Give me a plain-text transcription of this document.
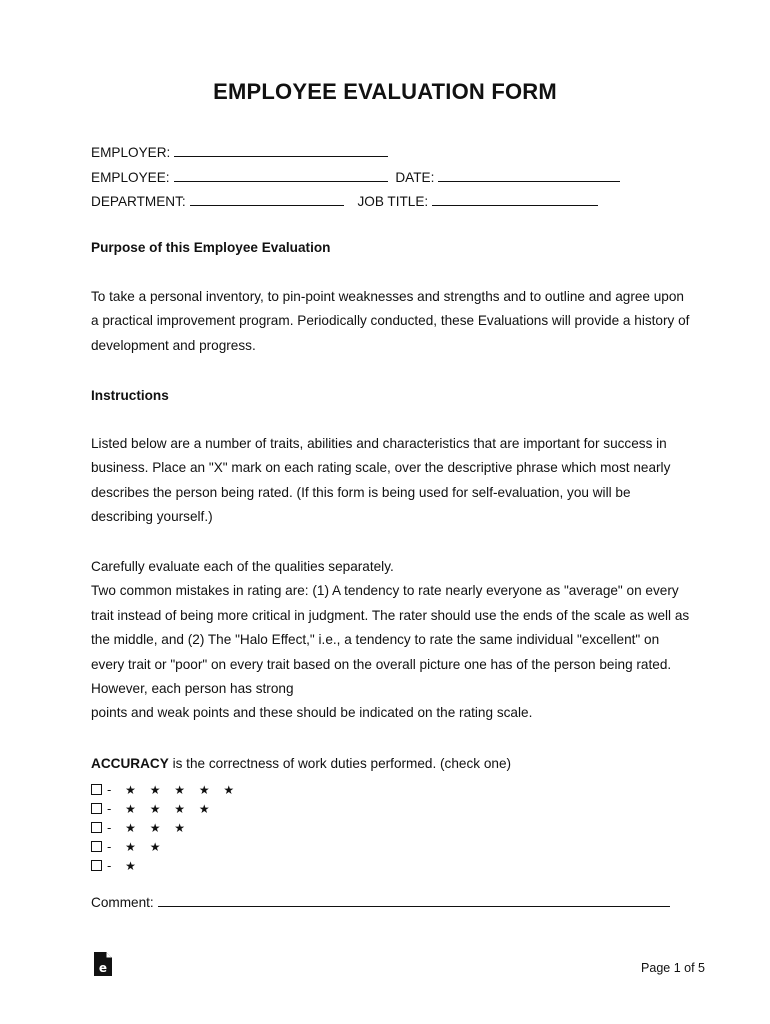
EMPLOYEE EVALUATION FORM
EMPLOYER:
EMPLOYEE:	DATE:
DEPARTMENT:	JOB TITLE:
Purpose of this Employee Evaluation

To take a personal inventory, to pin-point weaknesses and strengths and to outline and agree upon a practical improvement program. Periodically conducted, these Evaluations will provide a history of development and progress.

Instructions

Listed below are a number of traits, abilities and characteristics that are important for success in business. Place an "X" mark on each rating scale, over the descriptive phrase which most nearly describes the person being rated. (If this form is being used for self-evaluation, you will be describing yourself.)

Carefully evaluate each of the qualities separately.

Two common mistakes in rating are: (1) A tendency to rate nearly everyone as "average" on every trait instead of being more critical in judgment. The rater should use the ends of the scale as well as the middle, and (2) The "Halo Effect," i.e., a tendency to rate the same individual "excellent" on every trait or "poor" on every trait based on the overall picture one has of the person being rated. However, each person has strong

points and weak points and these should be indicated on the rating scale.

ACCURACY is the correctness of work duties performed. (check one)
- ★ ★ ★ ★ ★
- ★ ★ ★ ★
- ★ ★ ★
- ★ ★
- ★
Comment:
e	Page 1 of 5
